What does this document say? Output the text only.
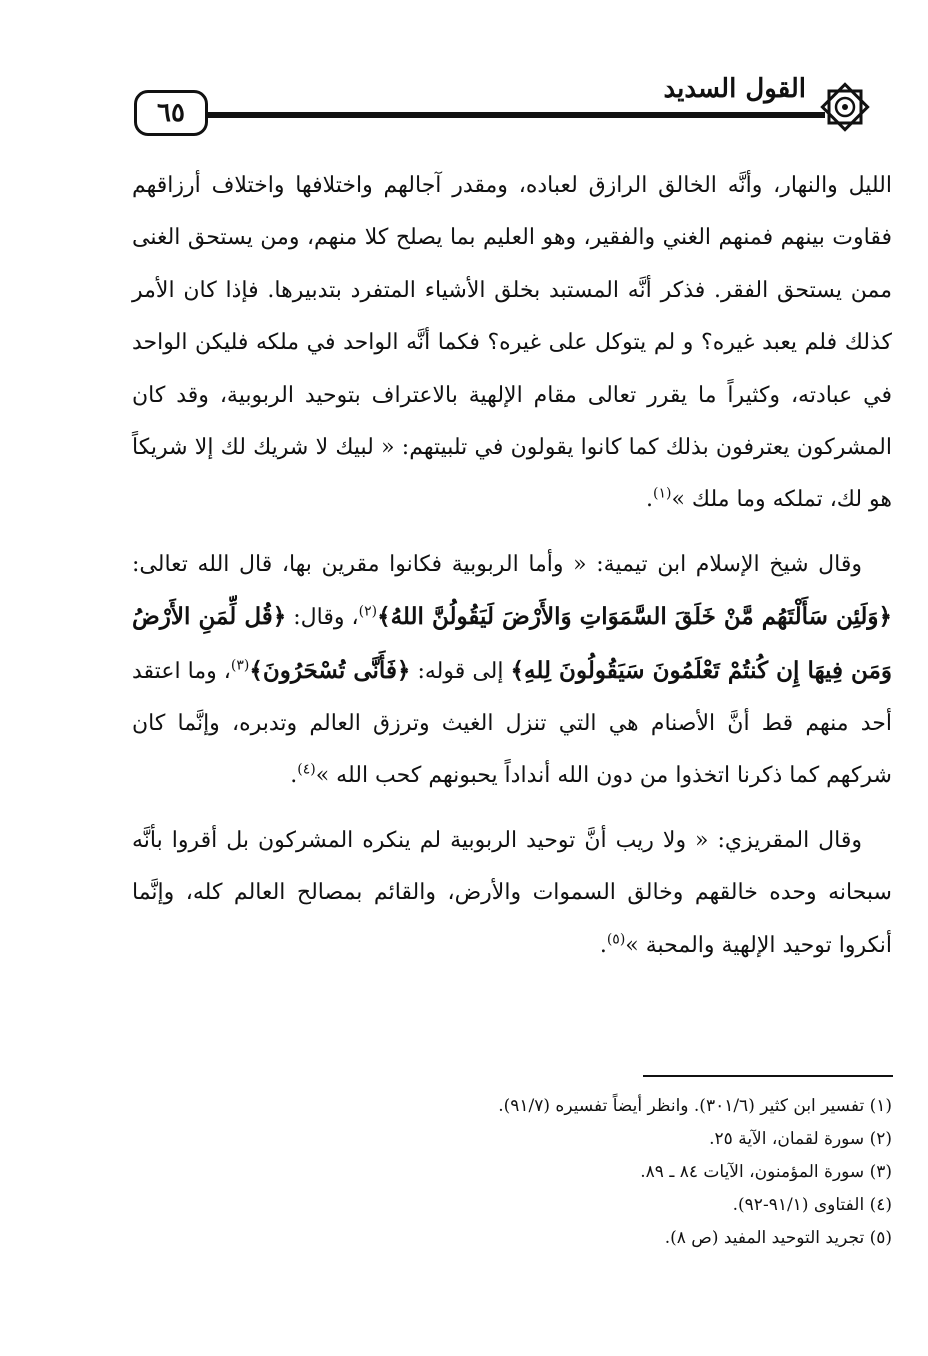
٦٥
القول السديد

الليل والنهار، وأنَّه الخالق الرازق لعباده، ومقدر آجالهم واختلافها واختلاف أرزاقهم فقاوت بينهم فمنهم الغني والفقير، وهو العليم بما يصلح كلا منهم، ومن يستحق الغنى ممن يستحق الفقر. فذكر أنَّه المستبد بخلق الأشياء المتفرد بتدبيرها. فإذا كان الأمر كذلك فلم يعبد غيره؟ و لم يتوكل على غيره؟ فكما أنَّه الواحد في ملكه فليكن الواحد في عبادته، وكثيراً ما يقرر تعالى مقام الإلهية بالاعتراف بتوحيد الربوبية، وقد كان المشركون يعترفون بذلك كما كانوا يقولون في تلبيتهم: « لبيك لا شريك لك إلا شريكاً هو لك، تملكه وما ملك »$^{(١)}$.

وقال شيخ الإسلام ابن تيمية: « وأما الربوبية فكانوا مقرين بها، قال الله تعالى: ﴿وَلَئِن سَأَلْتَهُم مَّنْ خَلَقَ السَّمَوَاتِ وَالأَرْضَ لَيَقُولُنَّ اللهُ﴾$^{(٢)}$، وقال: ﴿قُل لِّمَنِ الأَرْضُ وَمَن فِيهَا إِن كُنتُمْ تَعْلَمُونَ سَيَقُولُونَ لِلهِ﴾ إلى قوله: ﴿فَأَنَّى تُسْحَرُونَ﴾$^{(٣)}$، وما اعتقد أحد منهم قط أنَّ الأصنام هي التي تنزل الغيث وترزق العالم وتدبره، وإنَّما كان شركهم كما ذكرنا اتخذوا من دون الله أنداداً يحبونهم كحب الله »$^{(٤)}$.

وقال المقريزي: « ولا ريب أنَّ توحيد الربوبية لم ينكره المشركون بل أقروا بأنَّه سبحانه وحده خالقهم وخالق السموات والأرض، والقائم بمصالح العالم كله، وإنَّما أنكروا توحيد الإلهية والمحبة »$^{(٥)}$.

(١) تفسير ابن كثير (٣٠١/٦). وانظر أيضاً تفسيره (٩١/٧).

(٢) سورة لقمان، الآية ٢٥.

(٣) سورة المؤمنون، الآيات ٨٤ ـ ٨٩.

(٤) الفتاوى (٩١/١-٩٢).

(٥) تجريد التوحيد المفيد (ص ٨).
